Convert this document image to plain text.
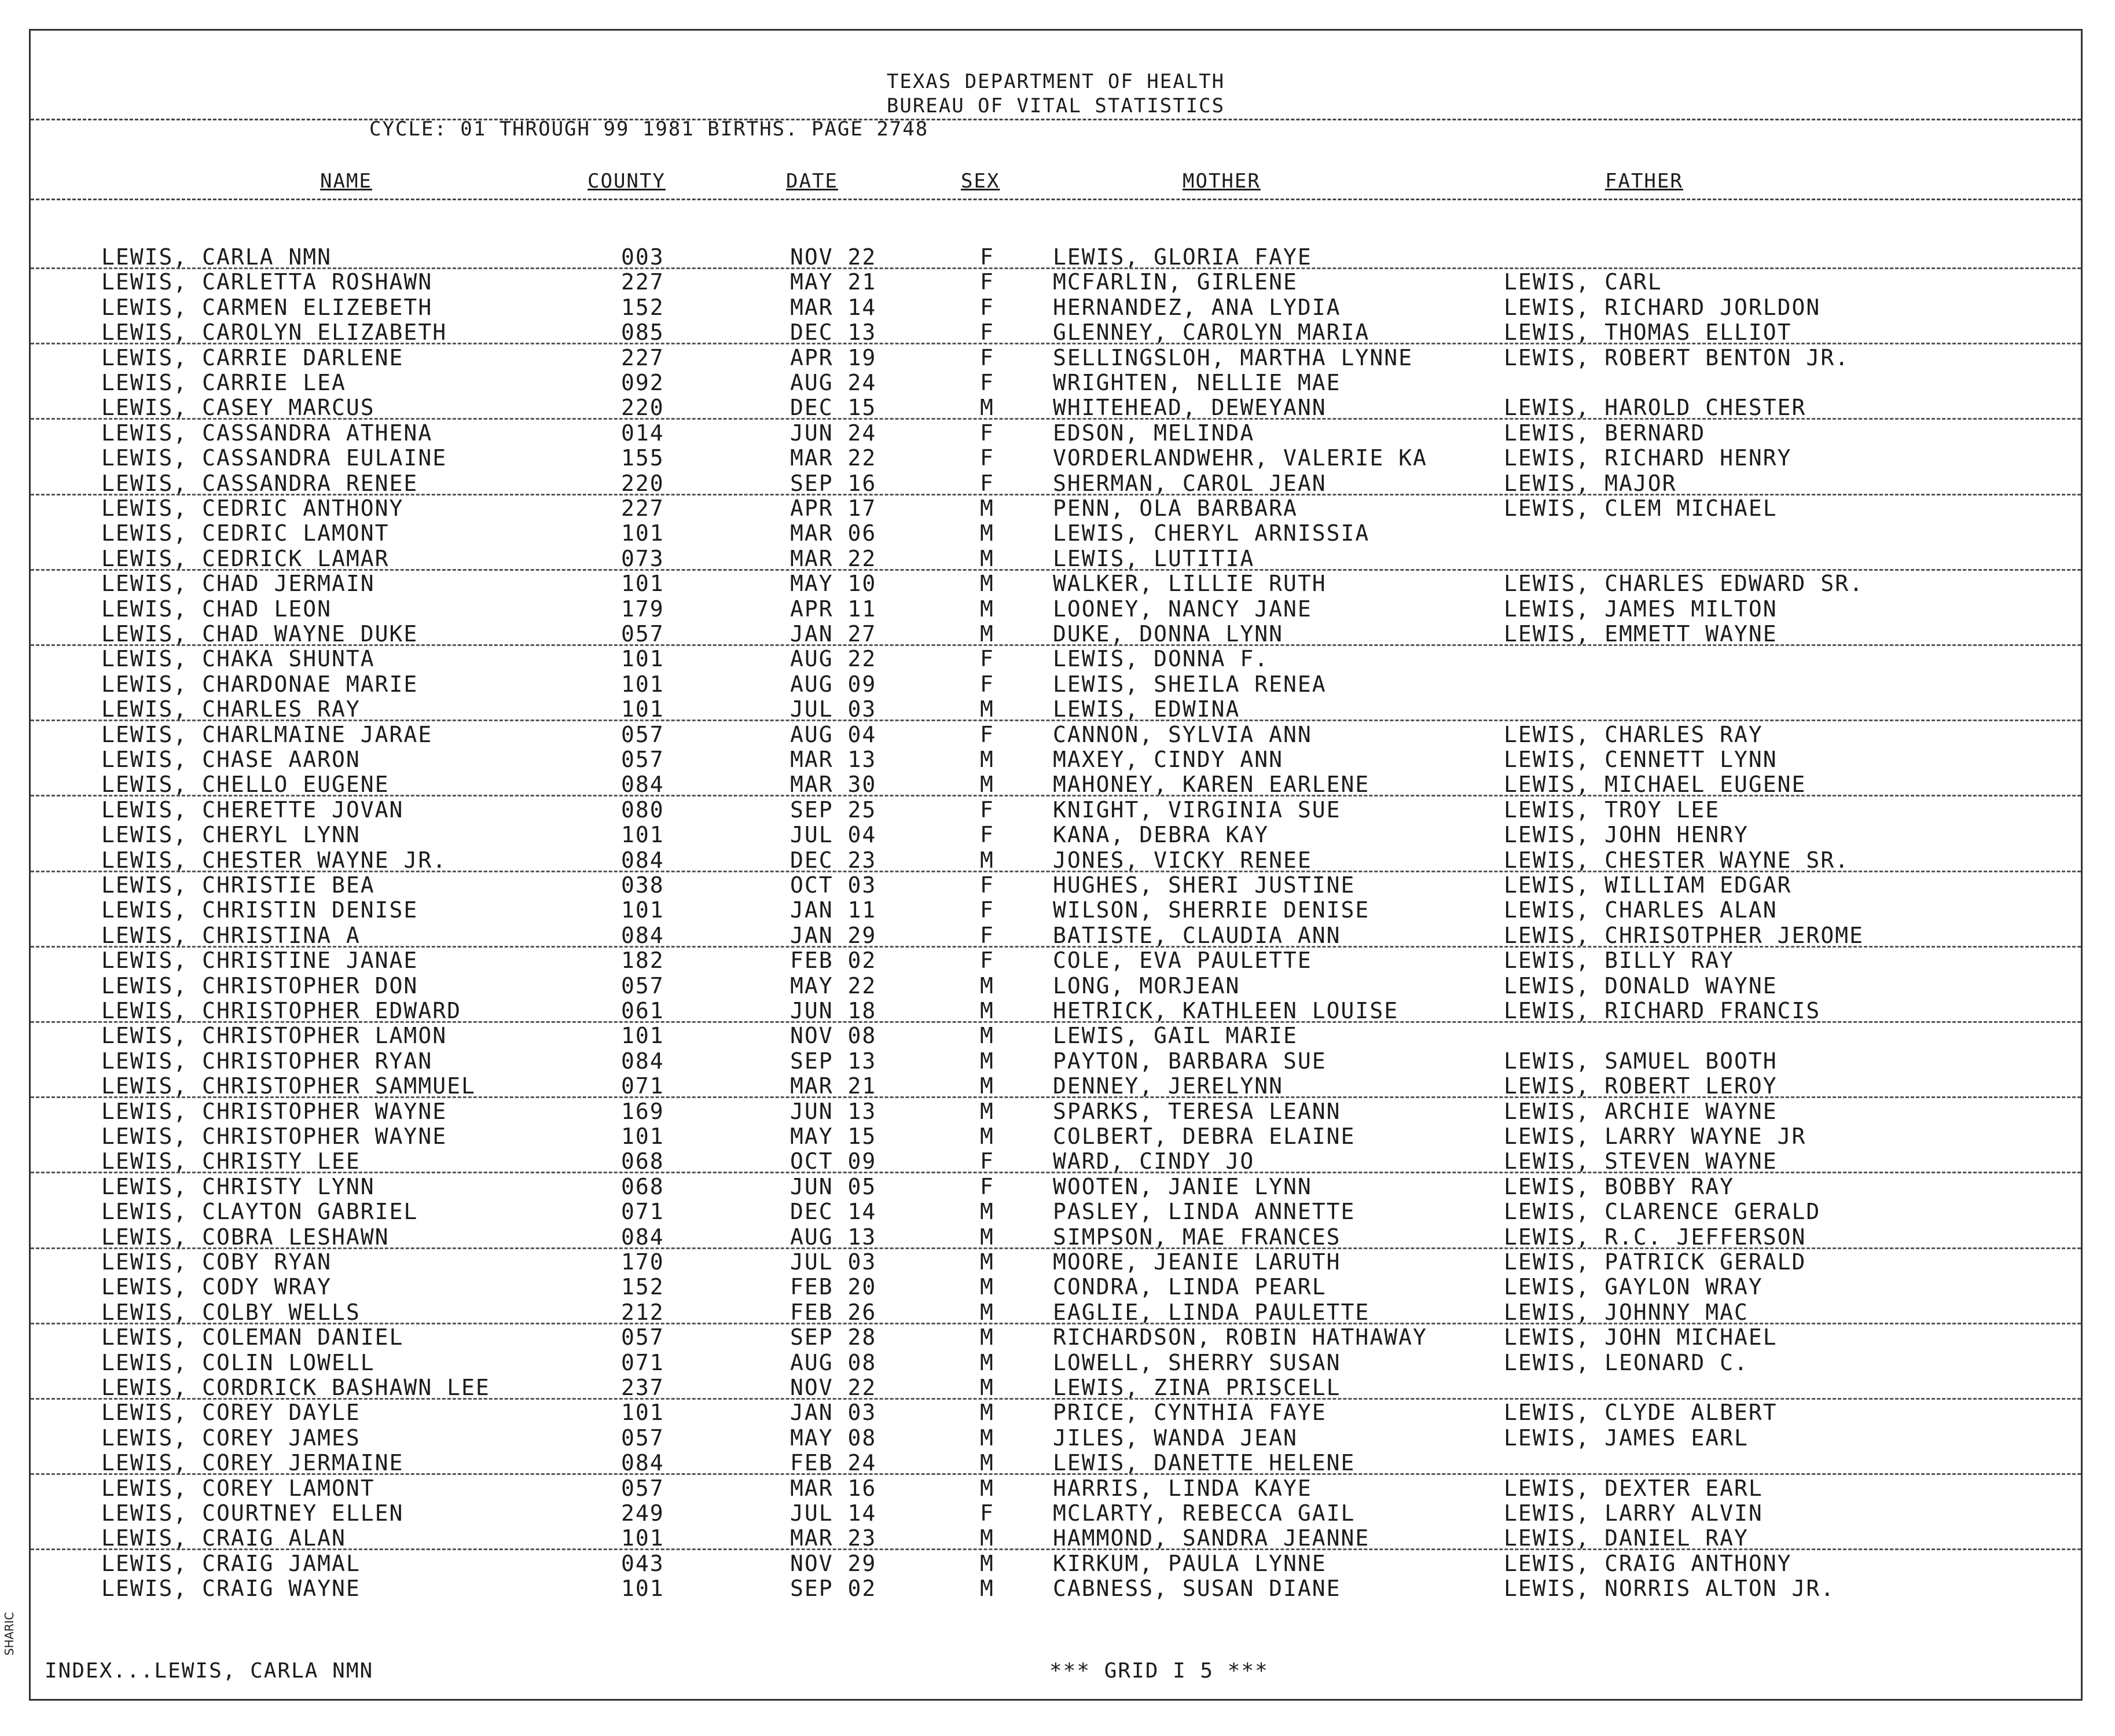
TEXAS DEPARTMENT OF HEALTH
BUREAU OF VITAL STATISTICS
CYCLE: 01 THROUGH 99 1981 BIRTHS. PAGE 2748
NAME	COUNTY	DATE	SEX	MOTHER	FATHER
LEWIS, CARLA NMN	003	NOV 22	F	LEWIS, GLORIA FAYE
LEWIS, CARLETTA ROSHAWN	227	MAY 21	F	MCFARLIN, GIRLENE	LEWIS, CARL
LEWIS, CARMEN ELIZEBETH	152	MAR 14	F	HERNANDEZ, ANA LYDIA	LEWIS, RICHARD JORLDON
LEWIS, CAROLYN ELIZABETH	085	DEC 13	F	GLENNEY, CAROLYN MARIA	LEWIS, THOMAS ELLIOT
LEWIS, CARRIE DARLENE	227	APR 19	F	SELLINGSLOH, MARTHA LYNNE	LEWIS, ROBERT BENTON JR.
LEWIS, CARRIE LEA	092	AUG 24	F	WRIGHTEN, NELLIE MAE
LEWIS, CASEY MARCUS	220	DEC 15	M	WHITEHEAD, DEWEYANN	LEWIS, HAROLD CHESTER
LEWIS, CASSANDRA ATHENA	014	JUN 24	F	EDSON, MELINDA	LEWIS, BERNARD
LEWIS, CASSANDRA EULAINE	155	MAR 22	F	VORDERLANDWEHR, VALERIE KA	LEWIS, RICHARD HENRY
LEWIS, CASSANDRA RENEE	220	SEP 16	F	SHERMAN, CAROL JEAN	LEWIS, MAJOR
LEWIS, CEDRIC ANTHONY	227	APR 17	M	PENN, OLA BARBARA	LEWIS, CLEM MICHAEL
LEWIS, CEDRIC LAMONT	101	MAR 06	M	LEWIS, CHERYL ARNISSIA
LEWIS, CEDRICK LAMAR	073	MAR 22	M	LEWIS, LUTITIA
LEWIS, CHAD JERMAIN	101	MAY 10	M	WALKER, LILLIE RUTH	LEWIS, CHARLES EDWARD SR.
LEWIS, CHAD LEON	179	APR 11	M	LOONEY, NANCY JANE	LEWIS, JAMES MILTON
LEWIS, CHAD WAYNE DUKE	057	JAN 27	M	DUKE, DONNA LYNN	LEWIS, EMMETT WAYNE
LEWIS, CHAKA SHUNTA	101	AUG 22	F	LEWIS, DONNA F.
LEWIS, CHARDONAE MARIE	101	AUG 09	F	LEWIS, SHEILA RENEA
LEWIS, CHARLES RAY	101	JUL 03	M	LEWIS, EDWINA
LEWIS, CHARLMAINE JARAE	057	AUG 04	F	CANNON, SYLVIA ANN	LEWIS, CHARLES RAY
LEWIS, CHASE AARON	057	MAR 13	M	MAXEY, CINDY ANN	LEWIS, CENNETT LYNN
LEWIS, CHELLO EUGENE	084	MAR 30	M	MAHONEY, KAREN EARLENE	LEWIS, MICHAEL EUGENE
LEWIS, CHERETTE JOVAN	080	SEP 25	F	KNIGHT, VIRGINIA SUE	LEWIS, TROY LEE
LEWIS, CHERYL LYNN	101	JUL 04	F	KANA, DEBRA KAY	LEWIS, JOHN HENRY
LEWIS, CHESTER WAYNE JR.	084	DEC 23	M	JONES, VICKY RENEE	LEWIS, CHESTER WAYNE SR.
LEWIS, CHRISTIE BEA	038	OCT 03	F	HUGHES, SHERI JUSTINE	LEWIS, WILLIAM EDGAR
LEWIS, CHRISTIN DENISE	101	JAN 11	F	WILSON, SHERRIE DENISE	LEWIS, CHARLES ALAN
LEWIS, CHRISTINA A	084	JAN 29	F	BATISTE, CLAUDIA ANN	LEWIS, CHRISOTPHER JEROME
LEWIS, CHRISTINE JANAE	182	FEB 02	F	COLE, EVA PAULETTE	LEWIS, BILLY RAY
LEWIS, CHRISTOPHER DON	057	MAY 22	M	LONG, MORJEAN	LEWIS, DONALD WAYNE
LEWIS, CHRISTOPHER EDWARD	061	JUN 18	M	HETRICK, KATHLEEN LOUISE	LEWIS, RICHARD FRANCIS
LEWIS, CHRISTOPHER LAMON	101	NOV 08	M	LEWIS, GAIL MARIE
LEWIS, CHRISTOPHER RYAN	084	SEP 13	M	PAYTON, BARBARA SUE	LEWIS, SAMUEL BOOTH
LEWIS, CHRISTOPHER SAMMUEL	071	MAR 21	M	DENNEY, JERELYNN	LEWIS, ROBERT LEROY
LEWIS, CHRISTOPHER WAYNE	169	JUN 13	M	SPARKS, TERESA LEANN	LEWIS, ARCHIE WAYNE
LEWIS, CHRISTOPHER WAYNE	101	MAY 15	M	COLBERT, DEBRA ELAINE	LEWIS, LARRY WAYNE JR
LEWIS, CHRISTY LEE	068	OCT 09	F	WARD, CINDY JO	LEWIS, STEVEN WAYNE
LEWIS, CHRISTY LYNN	068	JUN 05	F	WOOTEN, JANIE LYNN	LEWIS, BOBBY RAY
LEWIS, CLAYTON GABRIEL	071	DEC 14	M	PASLEY, LINDA ANNETTE	LEWIS, CLARENCE GERALD
LEWIS, COBRA LESHAWN	084	AUG 13	M	SIMPSON, MAE FRANCES	LEWIS, R.C. JEFFERSON
LEWIS, COBY RYAN	170	JUL 03	M	MOORE, JEANIE LARUTH	LEWIS, PATRICK GERALD
LEWIS, CODY WRAY	152	FEB 20	M	CONDRA, LINDA PEARL	LEWIS, GAYLON WRAY
LEWIS, COLBY WELLS	212	FEB 26	M	EAGLIE, LINDA PAULETTE	LEWIS, JOHNNY MAC
LEWIS, COLEMAN DANIEL	057	SEP 28	M	RICHARDSON, ROBIN HATHAWAY	LEWIS, JOHN MICHAEL
LEWIS, COLIN LOWELL	071	AUG 08	M	LOWELL, SHERRY SUSAN	LEWIS, LEONARD C.
LEWIS, CORDRICK BASHAWN LEE	237	NOV 22	M	LEWIS, ZINA PRISCELL
LEWIS, COREY DAYLE	101	JAN 03	M	PRICE, CYNTHIA FAYE	LEWIS, CLYDE ALBERT
LEWIS, COREY JAMES	057	MAY 08	M	JILES, WANDA JEAN	LEWIS, JAMES EARL
LEWIS, COREY JERMAINE	084	FEB 24	M	LEWIS, DANETTE HELENE
LEWIS, COREY LAMONT	057	MAR 16	M	HARRIS, LINDA KAYE	LEWIS, DEXTER EARL
LEWIS, COURTNEY ELLEN	249	JUL 14	F	MCLARTY, REBECCA GAIL	LEWIS, LARRY ALVIN
LEWIS, CRAIG ALAN	101	MAR 23	M	HAMMOND, SANDRA JEANNE	LEWIS, DANIEL RAY
LEWIS, CRAIG JAMAL	043	NOV 29	M	KIRKUM, PAULA LYNNE	LEWIS, CRAIG ANTHONY
LEWIS, CRAIG WAYNE	101	SEP 02	M	CABNESS, SUSAN DIANE	LEWIS, NORRIS ALTON JR.
INDEX...LEWIS, CARLA NMN	*** GRID I 5 ***
SHARIC
